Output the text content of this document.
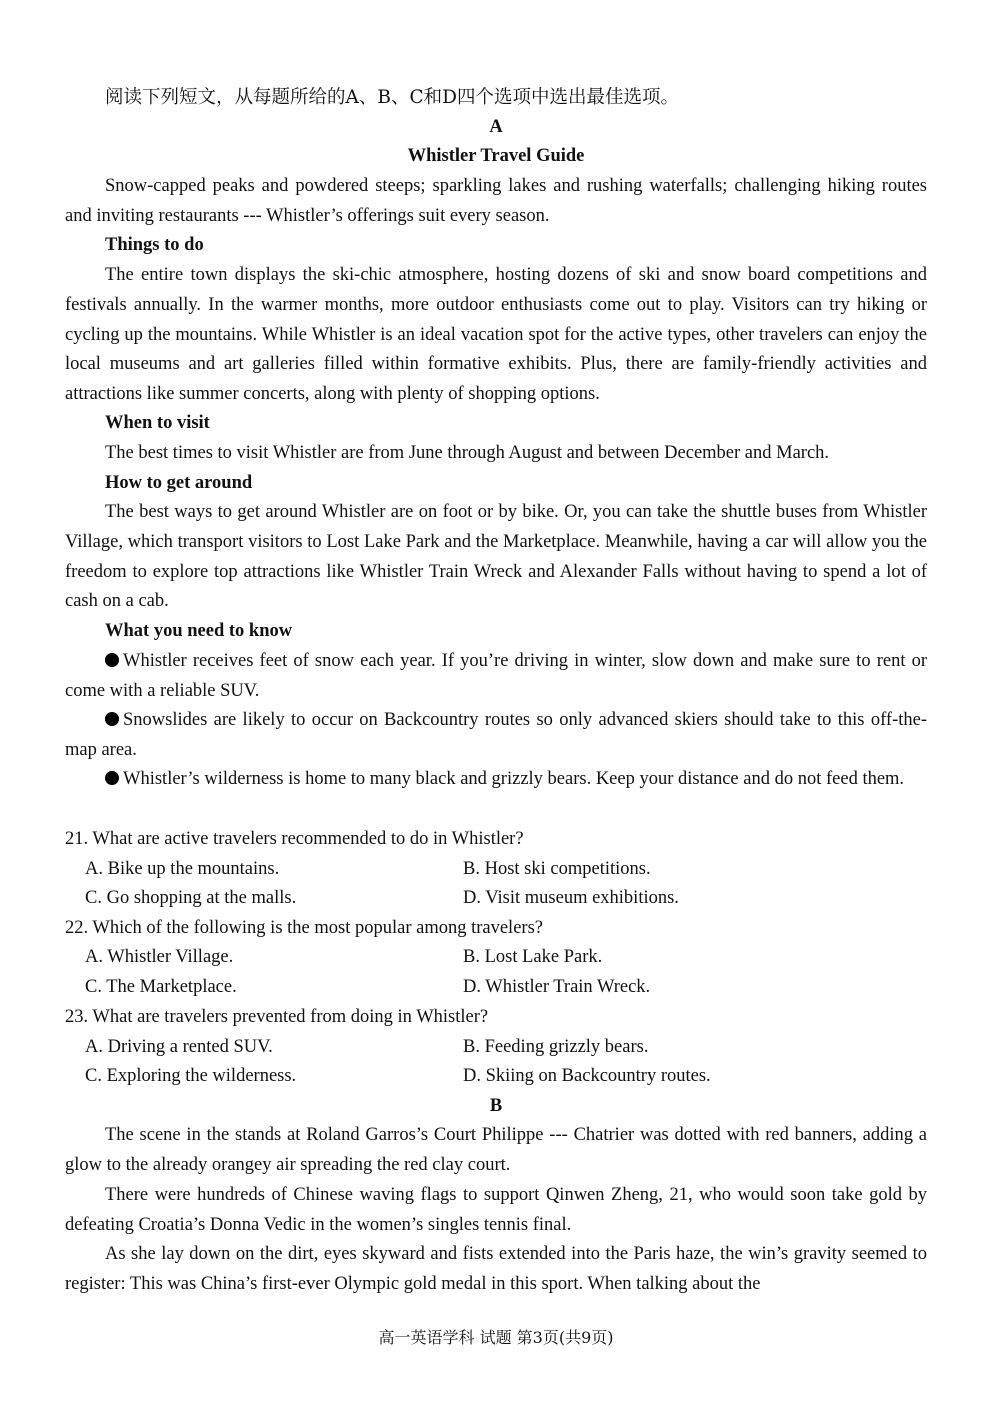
阅读下列短文，从每题所给的A、B、C和D四个选项中选出最佳选项。
A
Whistler Travel Guide
Snow-capped peaks and powdered steeps; sparkling lakes and rushing waterfalls; challenging hiking routes and inviting restaurants --- Whistler’s offerings suit every season.
Things to do
The entire town displays the ski-chic atmosphere, hosting dozens of ski and snow board competitions and festivals annually. In the warmer months, more outdoor enthusiasts come out to play. Visitors can try hiking or cycling up the mountains. While Whistler is an ideal vacation spot for the active types, other travelers can enjoy the local museums and art galleries filled within formative exhibits. Plus, there are family-friendly activities and attractions like summer concerts, along with plenty of shopping options.
When to visit
The best times to visit Whistler are from June through August and between December and March.
How to get around
The best ways to get around Whistler are on foot or by bike. Or, you can take the shuttle buses from Whistler Village, which transport visitors to Lost Lake Park and the Marketplace. Meanwhile, having a car will allow you the freedom to explore top attractions like Whistler Train Wreck and Alexander Falls without having to spend a lot of cash on a cab.
What you need to know
Whistler receives feet of snow each year. If you’re driving in winter, slow down and make sure to rent or come with a reliable SUV.
Snowslides are likely to occur on Backcountry routes so only advanced skiers should take to this off-the-map area.
Whistler’s wilderness is home to many black and grizzly bears. Keep your distance and do not feed them.
21. What are active travelers recommended to do in Whistler?
A. Bike up the mountains.	B. Host ski competitions.
C. Go shopping at the malls.	D. Visit museum exhibitions.
22. Which of the following is the most popular among travelers?
A. Whistler Village.	B. Lost Lake Park.
C. The Marketplace.	D. Whistler Train Wreck.
23. What are travelers prevented from doing in Whistler?
A. Driving a rented SUV.	B. Feeding grizzly bears.
C. Exploring the wilderness.	D. Skiing on Backcountry routes.
B
The scene in the stands at Roland Garros’s Court Philippe --- Chatrier was dotted with red banners, adding a glow to the already orangey air spreading the red clay court.
There were hundreds of Chinese waving flags to support Qinwen Zheng, 21, who would soon take gold by defeating Croatia’s Donna Vedic in the women’s singles tennis final.
As she lay down on the dirt, eyes skyward and fists extended into the Paris haze, the win’s gravity seemed to register: This was China’s first-ever Olympic gold medal in this sport. When talking about the
高一英语学科 试题 第3页(共9页)
